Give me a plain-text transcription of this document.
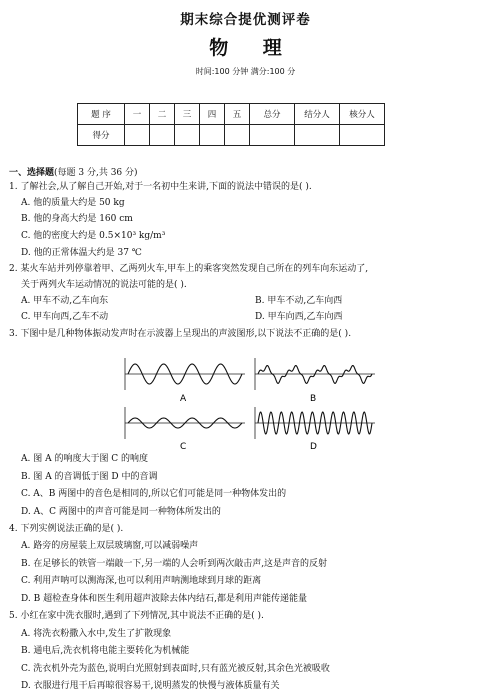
期末综合提优测评卷
物 理
时间:100 分钟 满分:100 分
题 序	一	二	三	四	五	总分	结分人	核分人
得分								
一、选择题(每题 3 分,共 36 分)
1. 了解社会,从了解自己开始,对于一名初中生来讲,下面的说法中错误的是( ).
A. 他的质量大约是 50 kg
B. 他的身高大约是 160 cm
C. 他的密度大约是 0.5×10³ kg/m³
D. 他的正常体温大约是 37 ℃
2. 某火车站并列停靠着甲、乙两列火车,甲车上的乘客突然发现自己所在的列车向东运动了,
关于两列火车运动情况的说法可能的是( ).
A. 甲车不动,乙车向东	B. 甲车不动,乙车向西
C. 甲车向西,乙车不动	D. 甲车向西,乙车向西
3. 下图中是几种物体振动发声时在示波器上呈现出的声波图形,以下说法不正确的是( ).
A	B
C	D
A. 图 A 的响度大于图 C 的响度
B. 图 A 的音调低于图 D 中的音调
C. A、B 两图中的音色是相同的,所以它们可能是同一种物体发出的
D. A、C 两图中的声音可能是同一种物体所发出的
4. 下列实例说法正确的是( ).
A. 路旁的房屋装上双层玻璃窗,可以减弱噪声
B. 在足够长的铁管一端敲一下,另一端的人会听到两次敲击声,这是声音的反射
C. 利用声呐可以测海深,也可以利用声呐测地球到月球的距离
D. B 超检查身体和医生利用超声波除去体内结石,都是利用声能传递能量
5. 小红在家中洗衣服时,遇到了下列情况,其中说法不正确的是( ).
A. 将洗衣粉撒入水中,发生了扩散现象
B. 通电后,洗衣机将电能主要转化为机械能
C. 洗衣机外壳为蓝色,说明白光照射到表面时,只有蓝光被反射,其余色光被吸收
D. 衣服进行甩干后再晾很容易干,说明蒸发的快慢与液体质量有关
